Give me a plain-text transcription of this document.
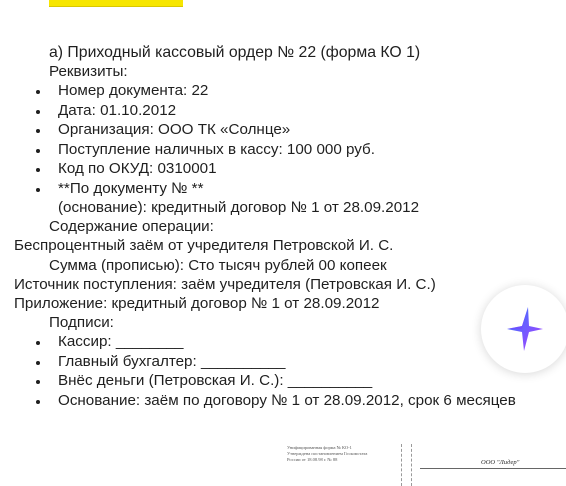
а) Приходный кассовый ордер № 22 (форма КО 1)
Реквизиты:
Номер документа: 22
Дата: 01.10.2012
Организация: ООО ТК «Солнце»
Поступление наличных в кассу: 100 000 руб.
Код по ОКУД: 0310001
**По документу № **
(основание): кредитный договор № 1 от 28.09.2012
Содержание операции:
Беспроцентный заём от учредителя Петровской И. С.
Сумма (прописью): Сто тысяч рублей 00 копеек
Источник поступления: заём учредителя (Петровская И. С.)
Приложение: кредитный договор № 1 от 28.09.2012
Подписи:
Кассир: ________
Главный бухгалтер: __________
Внёс деньги (Петровская И. С.): __________
Основание: заём по договору № 1 от 28.09.2012, срок 6 месяцев
Унифицированная форма № КО-1
Утверждена постановлением Госкомстата
России от 18.08.98 г. № 88	ООО "Лидер"
